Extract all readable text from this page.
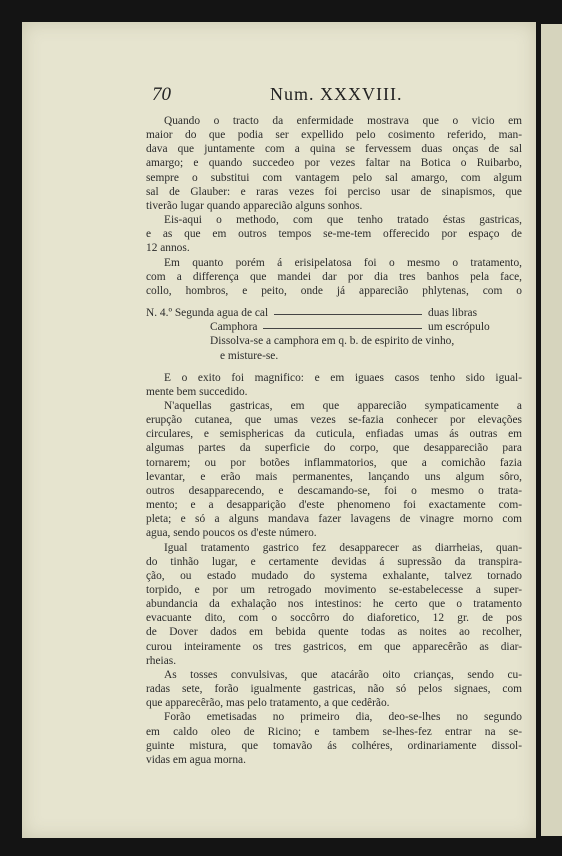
70	Num. XXXVIII.

Quando o tracto da enfermidade mostrava que o vicio em
maior do que podia ser expellido pelo cosimento referido, man-
dava que juntamente com a quina se fervessem duas onças de sal
amargo; e quando succedeo por vezes faltar na Botica o Ruibarbo,
sempre o substitui com vantagem pelo sal amargo, com algum
sal de Glauber: e raras vezes foi perciso usar de sinapismos, que
tiverão lugar quando apparecião alguns sonhos.

Eis-aqui o methodo, com que tenho tratado éstas gastricas,
e as que em outros tempos se-me-tem offerecido por espaço de
12 annos.

Em quanto porém á erisipelatosa foi o mesmo o tratamento,
com a differença que mandei dar por dia tres banhos pela face,
collo, hombros, e peito, onde já apparecião phlytenas, com o

N. 4.º Segunda agua de cal	duas libras
Camphora	um escrópulo
Dissolva-se a camphora em q. b. de espirito de vinho,
e misture-se.

E o exito foi magnifico: e em iguaes casos tenho sido igual-
mente bem succedido.

N'aquellas gastricas, em que apparecião sympaticamente a
erupção cutanea, que umas vezes se-fazia conhecer por elevações
circulares, e semisphericas da cuticula, enfiadas umas ás outras em
algumas partes da superficie do corpo, que desapparecião para
tornarem; ou por botões inflammatorios, que a comichão fazia
levantar, e erão mais permanentes, lançando uns algum sôro,
outros desapparecendo, e descamando-se, foi o mesmo o trata-
mento; e a desapparição d'este phenomeno foi exactamente com-
pleta; e só a alguns mandava fazer lavagens de vinagre morno com
agua, sendo poucos os d'este número.

Igual tratamento gastrico fez desapparecer as diarrheias, quan-
do tinhão lugar, e certamente devidas á supressão da transpira-
ção, ou estado mudado do systema exhalante, talvez tornado
torpido, e por um retrogado movimento se-estabelecesse a super-
abundancia da exhalação nos intestinos: he certo que o tratamento
evacuante dito, com o soccôrro do diaforetico, 12 gr. de pos
de Dover dados em bebida quente todas as noites ao recolher,
curou inteiramente os tres gastricos, em que apparecêrão as diar-
rheias.

As tosses convulsivas, que atacárão oito crianças, sendo cu-
radas sete, forão igualmente gastricas, não só pelos signaes, com
que apparecêrão, mas pelo tratamento, a que cedêrão.

Forão emetisadas no primeiro dia, deo-se-lhes no segundo
em caldo oleo de Ricino; e tambem se-lhes-fez entrar na se-
guinte mistura, que tomavão ás colhéres, ordinariamente dissol-
vidas em agua morna.
